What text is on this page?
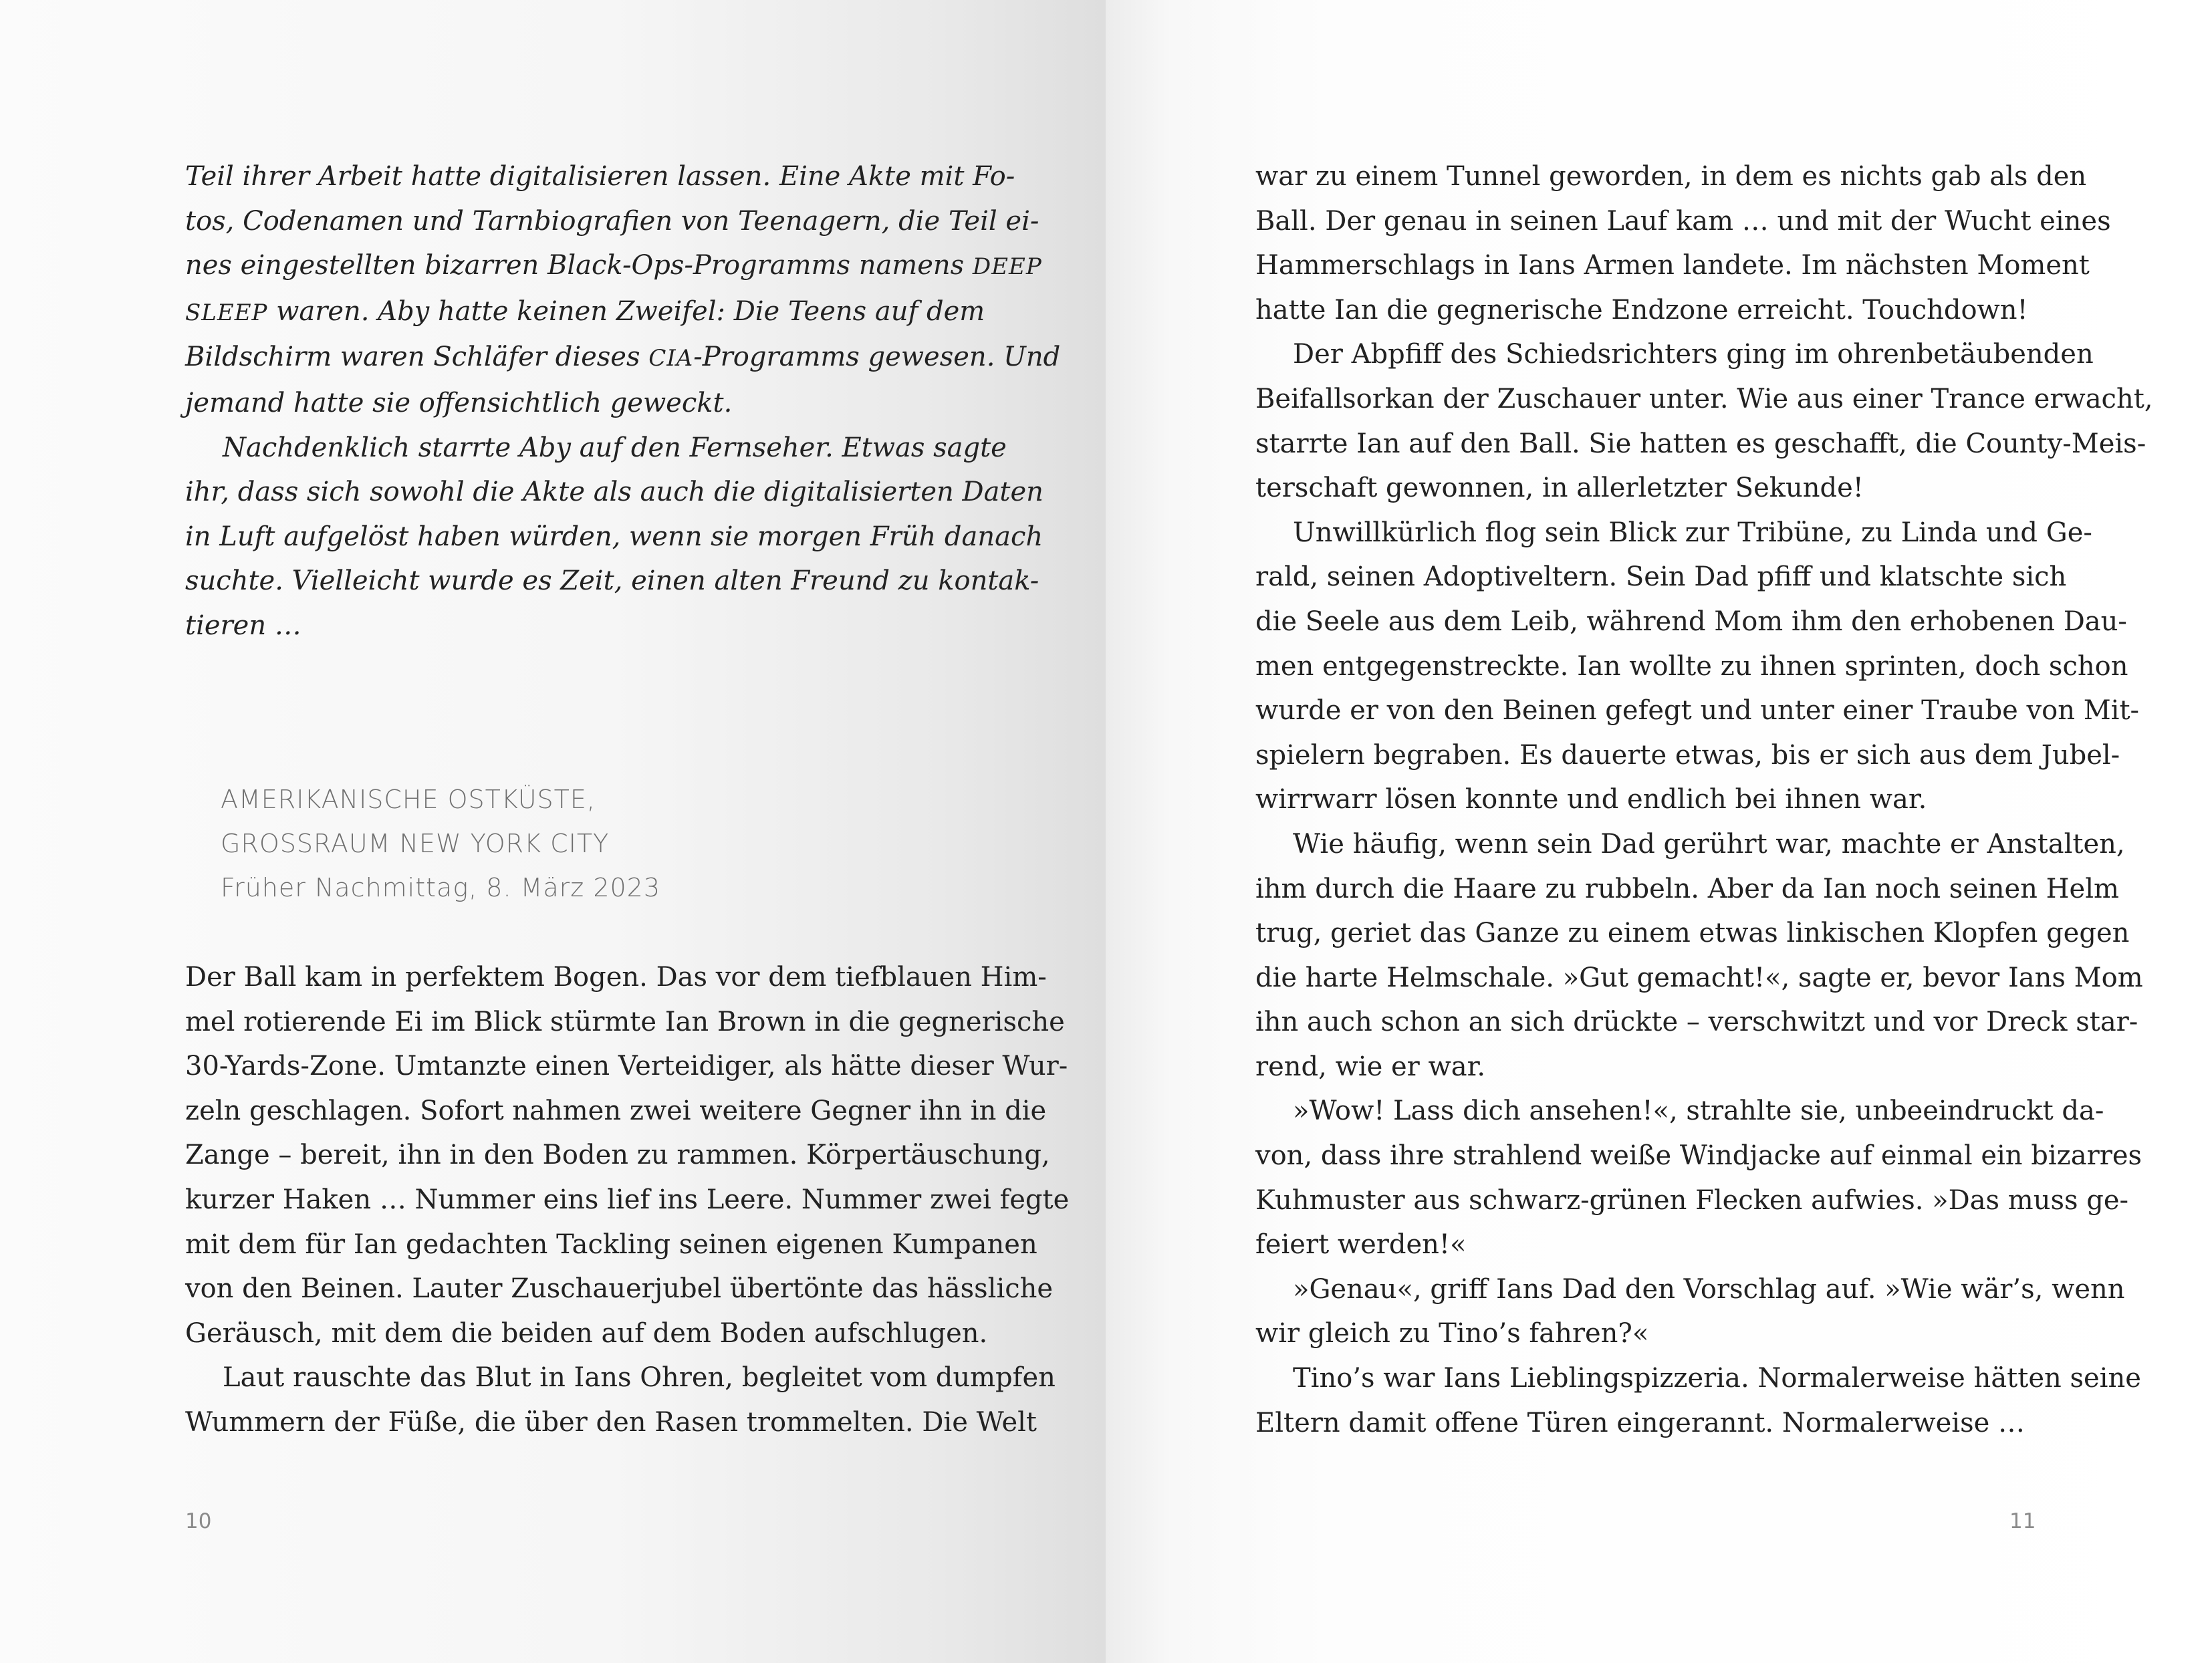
Teil ihrer Arbeit hatte digitalisieren lassen. Eine Akte mit Fo-

tos, Codenamen und Tarnbiografien von Teenagern, die Teil ei-

nes eingestellten bizarren Black-Ops-Programms namens DEEP

SLEEP waren. Aby hatte keinen Zweifel: Die Teens auf dem

Bildschirm waren Schläfer dieses CIA-Programms gewesen. Und

jemand hatte sie offensichtlich geweckt.

Nachdenklich starrte Aby auf den Fernseher. Etwas sagte

ihr, dass sich sowohl die Akte als auch die digitalisierten Daten

in Luft aufgelöst haben würden, wenn sie morgen Früh danach

suchte. Vielleicht wurde es Zeit, einen alten Freund zu kontak-

tieren …

AMERIKANISCHE OSTKÜSTE,
GROSSRAUM NEW YORK CITY
Früher Nachmittag, 8. März 2023

Der Ball kam in perfektem Bogen. Das vor dem tiefblauen Him-

mel rotierende Ei im Blick stürmte Ian Brown in die gegnerische

30-Yards-Zone. Umtanzte einen Verteidiger, als hätte dieser Wur-

zeln geschlagen. Sofort nahmen zwei weitere Gegner ihn in die

Zange – bereit, ihn in den Boden zu rammen. Körpertäuschung,

kurzer Haken … Nummer eins lief ins Leere. Nummer zwei fegte

mit dem für Ian gedachten Tackling seinen eigenen Kumpanen

von den Beinen. Lauter Zuschauerjubel übertönte das hässliche

Geräusch, mit dem die beiden auf dem Boden aufschlugen.

Laut rauschte das Blut in Ians Ohren, begleitet vom dumpfen

Wummern der Füße, die über den Rasen trommelten. Die Welt

10	11

war zu einem Tunnel geworden, in dem es nichts gab als den

Ball. Der genau in seinen Lauf kam … und mit der Wucht eines

Hammerschlags in Ians Armen landete. Im nächsten Moment

hatte Ian die gegnerische Endzone erreicht. Touchdown!

Der Abpfiff des Schiedsrichters ging im ohrenbetäubenden

Beifallsorkan der Zuschauer unter. Wie aus einer Trance erwacht,

starrte Ian auf den Ball. Sie hatten es geschafft, die County-Meis-

terschaft gewonnen, in allerletzter Sekunde!

Unwillkürlich flog sein Blick zur Tribüne, zu Linda und Ge-

rald, seinen Adoptiveltern. Sein Dad pfiff und klatschte sich

die Seele aus dem Leib, während Mom ihm den erhobenen Dau-

men entgegenstreckte. Ian wollte zu ihnen sprinten, doch schon

wurde er von den Beinen gefegt und unter einer Traube von Mit-

spielern begraben. Es dauerte etwas, bis er sich aus dem Jubel-

wirrwarr lösen konnte und endlich bei ihnen war.

Wie häufig, wenn sein Dad gerührt war, machte er Anstalten,

ihm durch die Haare zu rubbeln. Aber da Ian noch seinen Helm

trug, geriet das Ganze zu einem etwas linkischen Klopfen gegen

die harte Helmschale. »Gut gemacht!«, sagte er, bevor Ians Mom

ihn auch schon an sich drückte – verschwitzt und vor Dreck star-

rend, wie er war.

»Wow! Lass dich ansehen!«, strahlte sie, unbeeindruckt da-

von, dass ihre strahlend weiße Windjacke auf einmal ein bizarres

Kuhmuster aus schwarz-grünen Flecken aufwies. »Das muss ge-

feiert werden!«

»Genau«, griff Ians Dad den Vorschlag auf. »Wie wär’s, wenn

wir gleich zu Tino’s fahren?«

Tino’s war Ians Lieblingspizzeria. Normalerweise hätten seine

Eltern damit offene Türen eingerannt. Normalerweise …
